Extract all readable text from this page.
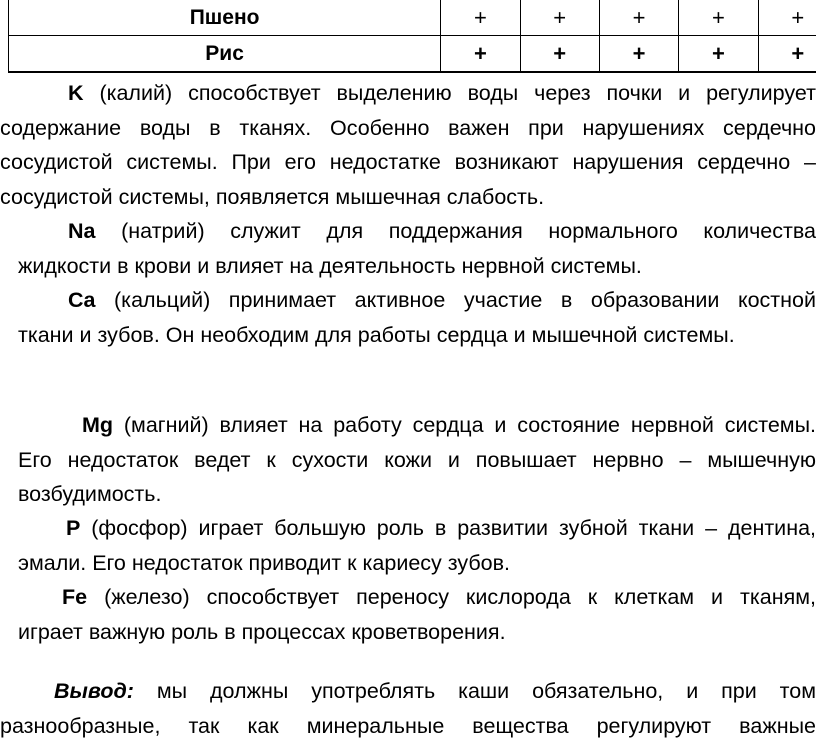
Пшено	+	+	+	+	+
Рис	+	+	+	+	+
K (калий) способствует выделению воды через почки и регулирует
содержание воды в тканях. Особенно важен при нарушениях сердечно
сосудистой системы. При его недостатке возникают нарушения сердечно –
сосудистой системы, появляется мышечная слабость.
Na (натрий) служит для поддержания нормального количества
жидкости в крови и влияет на деятельность нервной системы.
Ca (кальций) принимает активное участие в образовании костной
ткани и зубов. Он необходим для работы сердца и мышечной системы.
Mg (магний) влияет на работу сердца и состояние нервной системы.
Его недостаток ведет к сухости кожи и повышает нервно – мышечную
возбудимость.
P (фосфор) играет большую роль в развитии зубной ткани – дентина,
эмали. Его недостаток приводит к кариесу зубов.
Fe (железо) способствует переносу кислорода к клеткам и тканям,
играет важную роль в процессах кроветворения.
Вывод: мы должны употреблять каши обязательно, и при том
разнообразные, так как минеральные вещества регулируют важные
